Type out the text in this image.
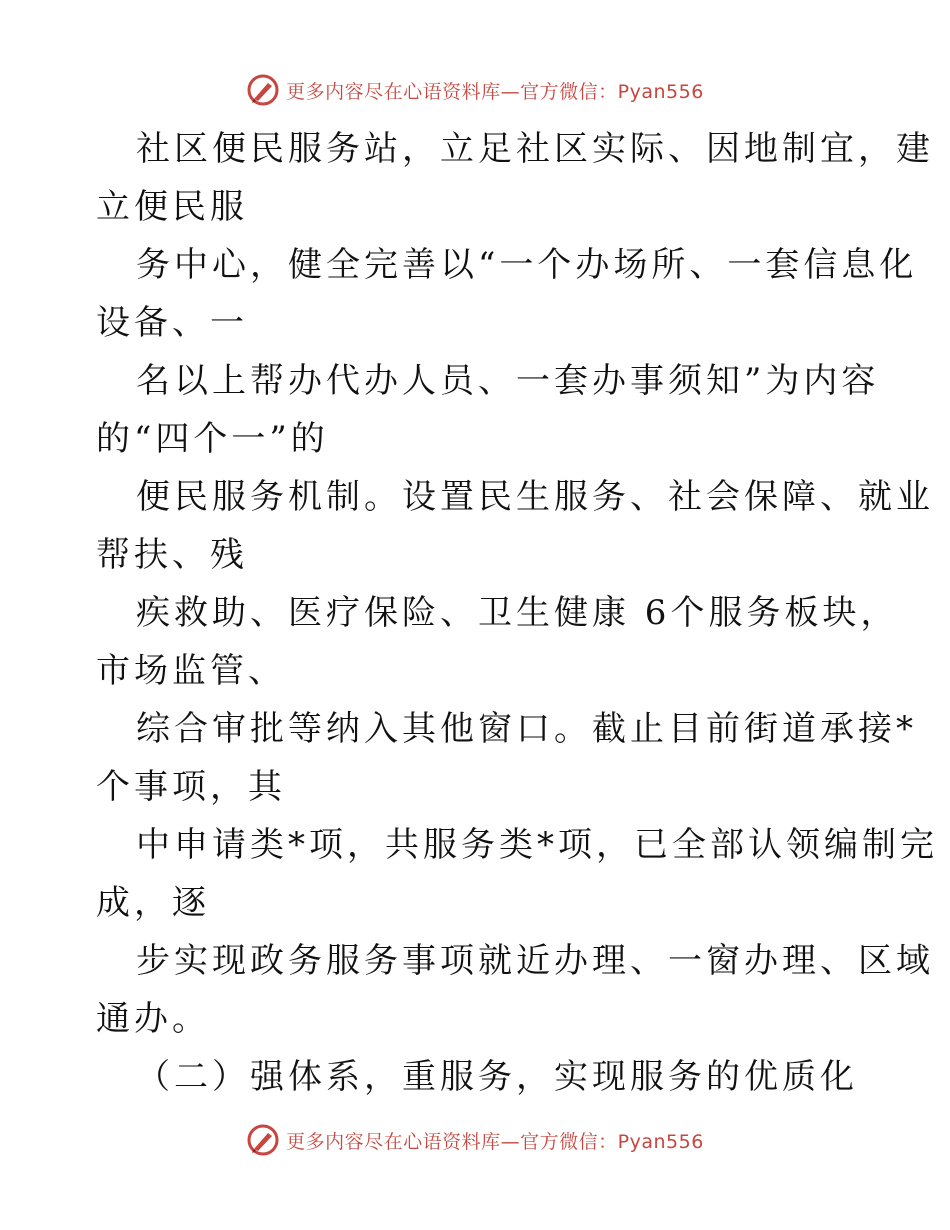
更多内容尽在心语资料库—官方微信：Pyan556
社区便民服务站，立足社区实际、因地制宜，建
立便民服
务中心，健全完善以“一个办场所、一套信息化
设备、一
名以上帮办代办人员、一套办事须知”为内容
的“四个一”的
便民服务机制。设置民生服务、社会保障、就业
帮扶、残
疾救助、医疗保险、卫生健康 6个服务板块，
市场监管、
综合审批等纳入其他窗口。截止目前街道承接*
个事项，其
中申请类*项，共服务类*项，已全部认领编制完
成，逐
步实现政务服务事项就近办理、一窗办理、区域
通办。
（二）强体系，重服务，实现服务的优质化
更多内容尽在心语资料库—官方微信：Pyan556
